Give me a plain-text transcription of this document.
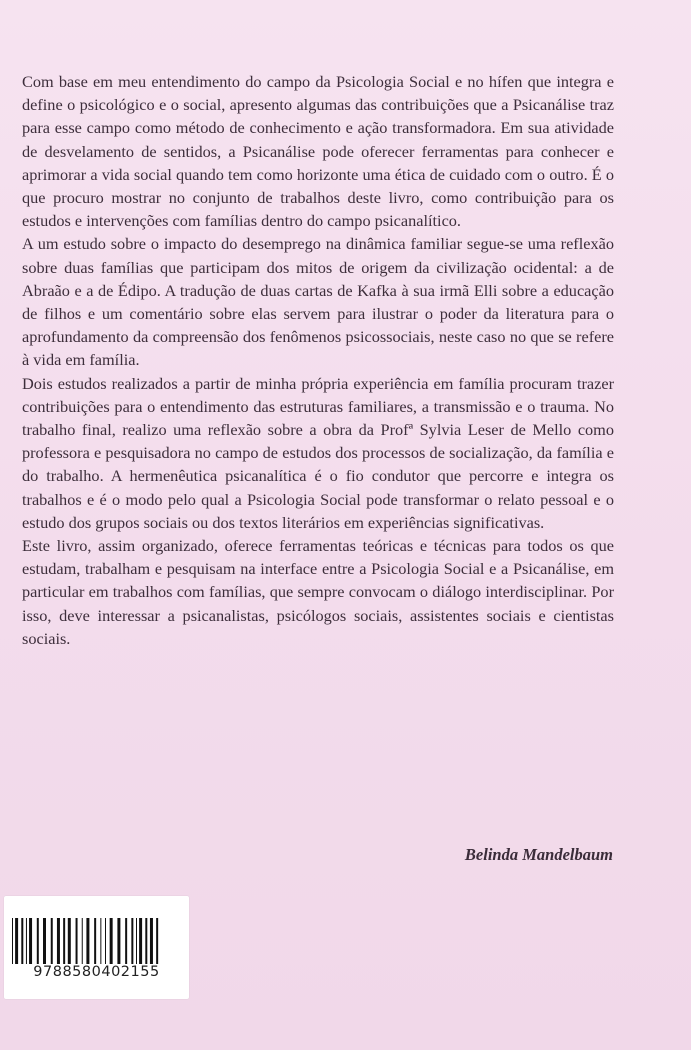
Com base em meu entendimento do campo da Psicologia Social e no hífen que integra e define o psicológico e o social, apresento algumas das contribuições que a Psicanálise traz para esse campo como método de conhecimento e ação transformadora. Em sua atividade de desvelamento de sentidos, a Psicanálise pode oferecer ferramentas para conhecer e aprimorar a vida social quando tem como horizonte uma ética de cuidado com o outro. É o que procuro mostrar no conjunto de trabalhos deste livro, como contribuição para os estudos e intervenções com famílias dentro do campo psicanalítico.

A um estudo sobre o impacto do desemprego na dinâmica familiar segue-se uma reflexão sobre duas famílias que participam dos mitos de origem da civilização ocidental: a de Abraão e a de Édipo. A tradução de duas cartas de Kafka à sua irmã Elli sobre a educação de filhos e um comentário sobre elas servem para ilustrar o poder da literatura para o aprofundamento da compreensão dos fenômenos psicossociais, neste caso no que se refere à vida em família.

Dois estudos realizados a partir de minha própria experiência em família procuram trazer contribuições para o entendimento das estruturas familiares, a transmissão e o trauma. No trabalho final, realizo uma reflexão sobre a obra da Profª Sylvia Leser de Mello como professora e pesquisadora no campo de estudos dos processos de socialização, da família e do trabalho. A hermenêutica psicanalítica é o fio condutor que percorre e integra os trabalhos e é o modo pelo qual a Psicologia Social pode transformar o relato pessoal e o estudo dos grupos sociais ou dos textos literários em experiências significativas.

Este livro, assim organizado, oferece ferramentas teóricas e técnicas para todos os que estudam, trabalham e pesquisam na interface entre a Psicologia Social e a Psicanálise, em particular em trabalhos com famílias, que sempre convocam o diálogo interdisciplinar. Por isso, deve interessar a psicanalistas, psicólogos sociais, assistentes sociais e cientistas sociais.

Belinda Mandelbaum
9788580402155
